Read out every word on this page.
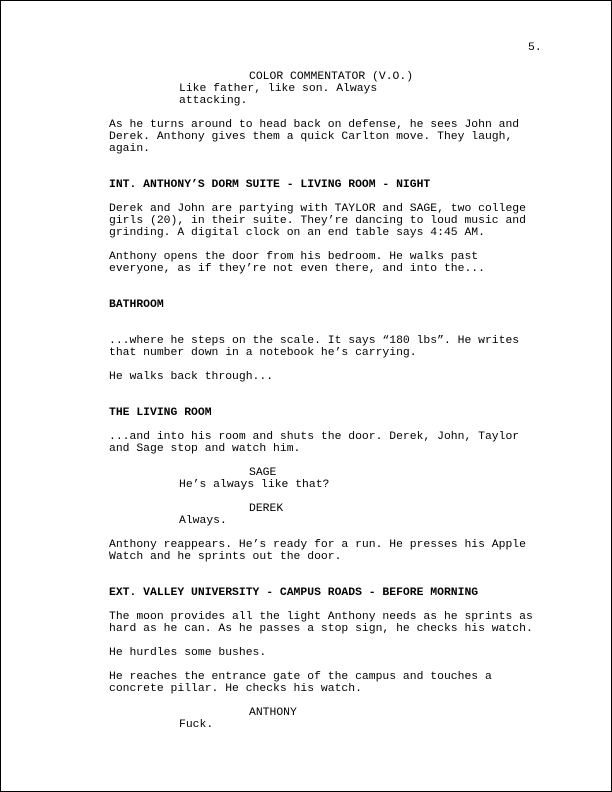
5.
COLOR COMMENTATOR (V.O.)
Like father, like son. Always
attacking.
As he turns around to head back on defense, he sees John and
Derek. Anthony gives them a quick Carlton move. They laugh,
again.
INT. ANTHONY’S DORM SUITE - LIVING ROOM - NIGHT
Derek and John are partying with TAYLOR and SAGE, two college
girls (20), in their suite. They’re dancing to loud music and
grinding. A digital clock on an end table says 4:45 AM.
Anthony opens the door from his bedroom. He walks past
everyone, as if they’re not even there, and into the...
BATHROOM
...where he steps on the scale. It says “180 lbs”. He writes
that number down in a notebook he’s carrying.
He walks back through...
THE LIVING ROOM
...and into his room and shuts the door. Derek, John, Taylor
and Sage stop and watch him.
SAGE
He’s always like that?
DEREK
Always.
Anthony reappears. He’s ready for a run. He presses his Apple
Watch and he sprints out the door.
EXT. VALLEY UNIVERSITY - CAMPUS ROADS - BEFORE MORNING
The moon provides all the light Anthony needs as he sprints as
hard as he can. As he passes a stop sign, he checks his watch.
He hurdles some bushes.
He reaches the entrance gate of the campus and touches a
concrete pillar. He checks his watch.
ANTHONY
Fuck.
